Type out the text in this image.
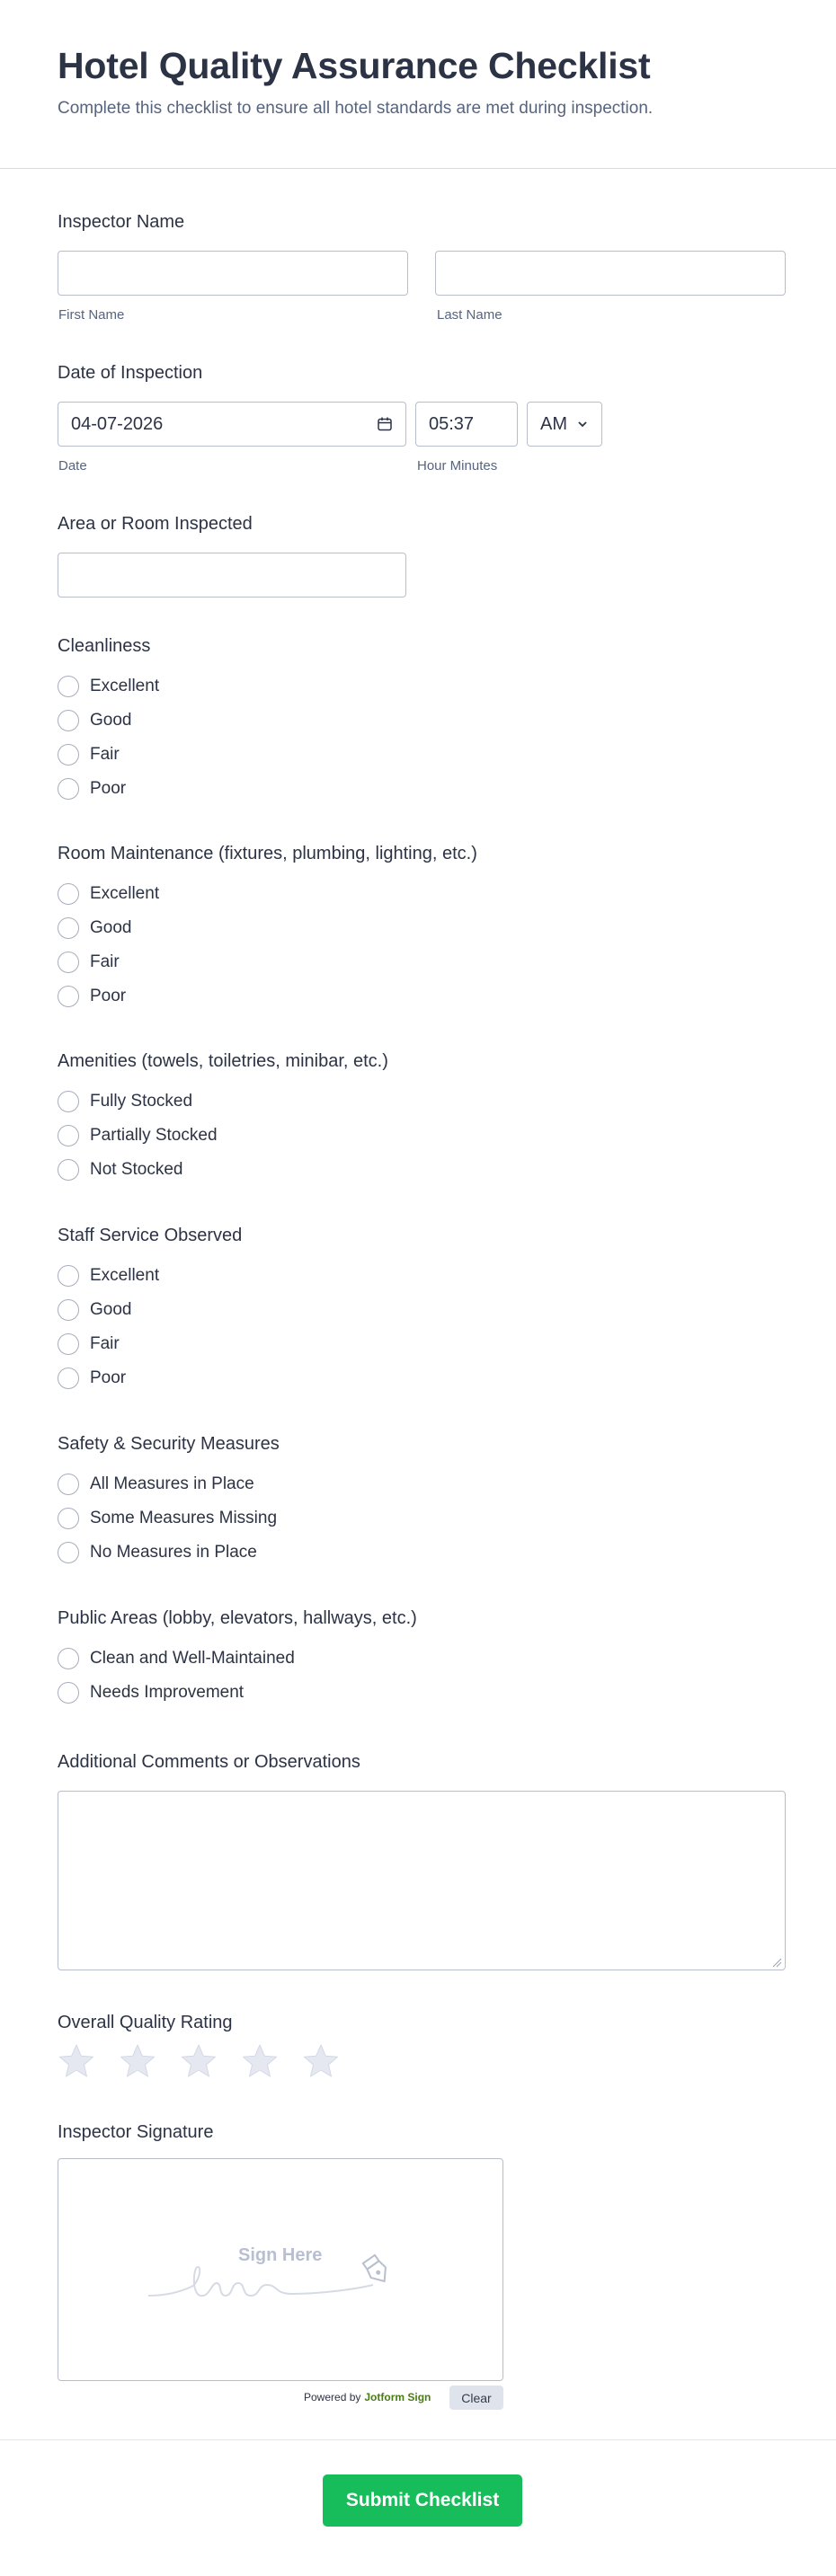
Hotel Quality Assurance Checklist
Complete this checklist to ensure all hotel standards are met during inspection.
Inspector Name
First Name	Last Name
Date of Inspection
04-07-2026	05:37	AM
Date	Hour Minutes
Area or Room Inspected
Cleanliness
Excellent
Good
Fair
Poor
Room Maintenance (fixtures, plumbing, lighting, etc.)
Excellent
Good
Fair
Poor
Amenities (towels, toiletries, minibar, etc.)
Fully Stocked
Partially Stocked
Not Stocked
Staff Service Observed
Excellent
Good
Fair
Poor
Safety & Security Measures
All Measures in Place
Some Measures Missing
No Measures in Place
Public Areas (lobby, elevators, hallways, etc.)
Clean and Well-Maintained
Needs Improvement
Additional Comments or Observations
Overall Quality Rating
Inspector Signature
Sign Here
Powered by Jotform Sign	Clear
Submit Checklist
